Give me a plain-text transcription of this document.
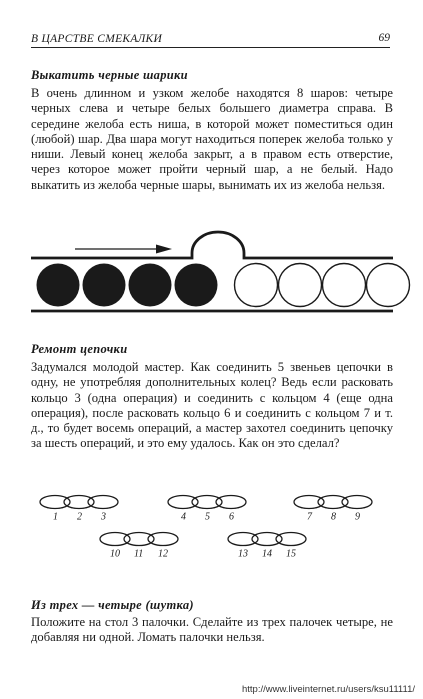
В ЦАРСТВЕ СМЕКАЛКИ	69
Выкатить черные шарики

В очень длинном и узком желобе находятся 8 шаров: четыре черных слева и четыре белых большего диаметра справа. В середине желоба есть ниша, в которой может поместиться один (любой) шар. Два шара могут находиться поперек желоба только у ниши. Левый конец желоба закрыт, а в правом есть отверстие, через которое может пройти черный шар, а не белый. Надо выкатить из желоба черные шары, вынимать их из желоба нельзя.

Ремонт цепочки

Задумался молодой мастер. Как соединить 5 звеньев цепочки в одну, не употребляя дополнительных колец? Ведь если расковать кольцо 3 (одна операция) и соединить с кольцом 4 (еще одна операция), после расковать кольцо 6 и соединить с кольцом 7 и т. д., то будет восемь операций, а мастер захотел соединить цепочку за шесть операций, и это ему удалось. Как он это сделал?

1 2 3	4 5 6	7 8 9
10 11 12	13 14 15
Из трех — четыре (шутка)

Положите на стол 3 палочки. Сделайте из трех палочек четыре, не добавляя ни одной. Ломать палочки нельзя.

http://www.liveinternet.ru/users/ksu11111/
